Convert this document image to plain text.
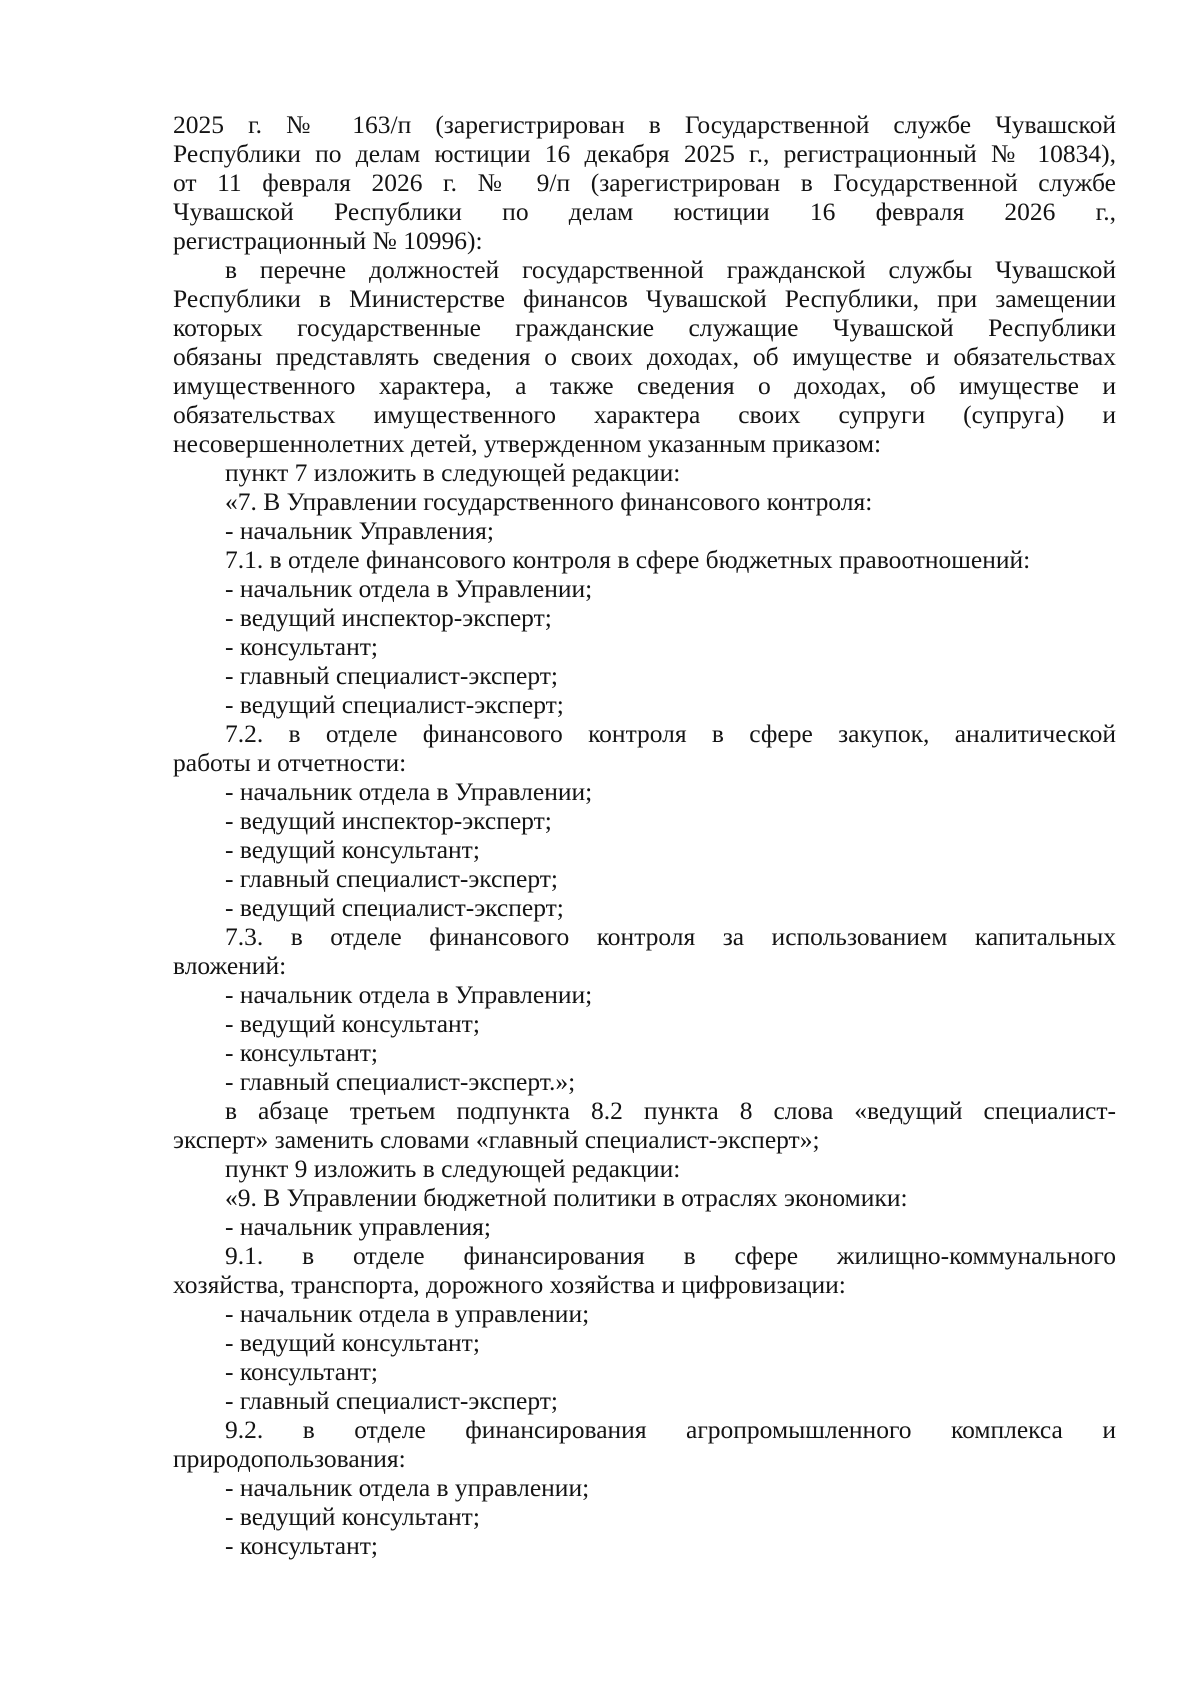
2025 г. № 163/п (зарегистрирован в Государственной службе Чувашской
Республики по делам юстиции 16 декабря 2025 г., регистрационный № 10834),
от 11 февраля 2026 г. № 9/п (зарегистрирован в Государственной службе
Чувашской Республики по делам юстиции 16 февраля 2026 г.,
регистрационный № 10996):
в перечне должностей государственной гражданской службы Чувашской
Республики в Министерстве финансов Чувашской Республики, при замещении
которых государственные гражданские служащие Чувашской Республики
обязаны представлять сведения о своих доходах, об имуществе и обязательствах
имущественного характера, а также сведения о доходах, об имуществе и
обязательствах имущественного характера своих супруги (супруга) и
несовершеннолетних детей, утвержденном указанным приказом:
пункт 7 изложить в следующей редакции:
«7. В Управлении государственного финансового контроля:
- начальник Управления;
7.1. в отделе финансового контроля в сфере бюджетных правоотношений:
- начальник отдела в Управлении;
- ведущий инспектор-эксперт;
- консультант;
- главный специалист-эксперт;
- ведущий специалист-эксперт;
7.2. в отделе финансового контроля в сфере закупок, аналитической
работы и отчетности:
- начальник отдела в Управлении;
- ведущий инспектор-эксперт;
- ведущий консультант;
- главный специалист-эксперт;
- ведущий специалист-эксперт;
7.3. в отделе финансового контроля за использованием капитальных
вложений:
- начальник отдела в Управлении;
- ведущий консультант;
- консультант;
- главный специалист-эксперт.»;
в абзаце третьем подпункта 8.2 пункта 8 слова «ведущий специалист-
эксперт» заменить словами «главный специалист-эксперт»;
пункт 9 изложить в следующей редакции:
«9. В Управлении бюджетной политики в отраслях экономики:
- начальник управления;
9.1. в отделе финансирования в сфере жилищно-коммунального
хозяйства, транспорта, дорожного хозяйства и цифровизации:
- начальник отдела в управлении;
- ведущий консультант;
- консультант;
- главный специалист-эксперт;
9.2. в отделе финансирования агропромышленного комплекса и
природопользования:
- начальник отдела в управлении;
- ведущий консультант;
- консультант;
